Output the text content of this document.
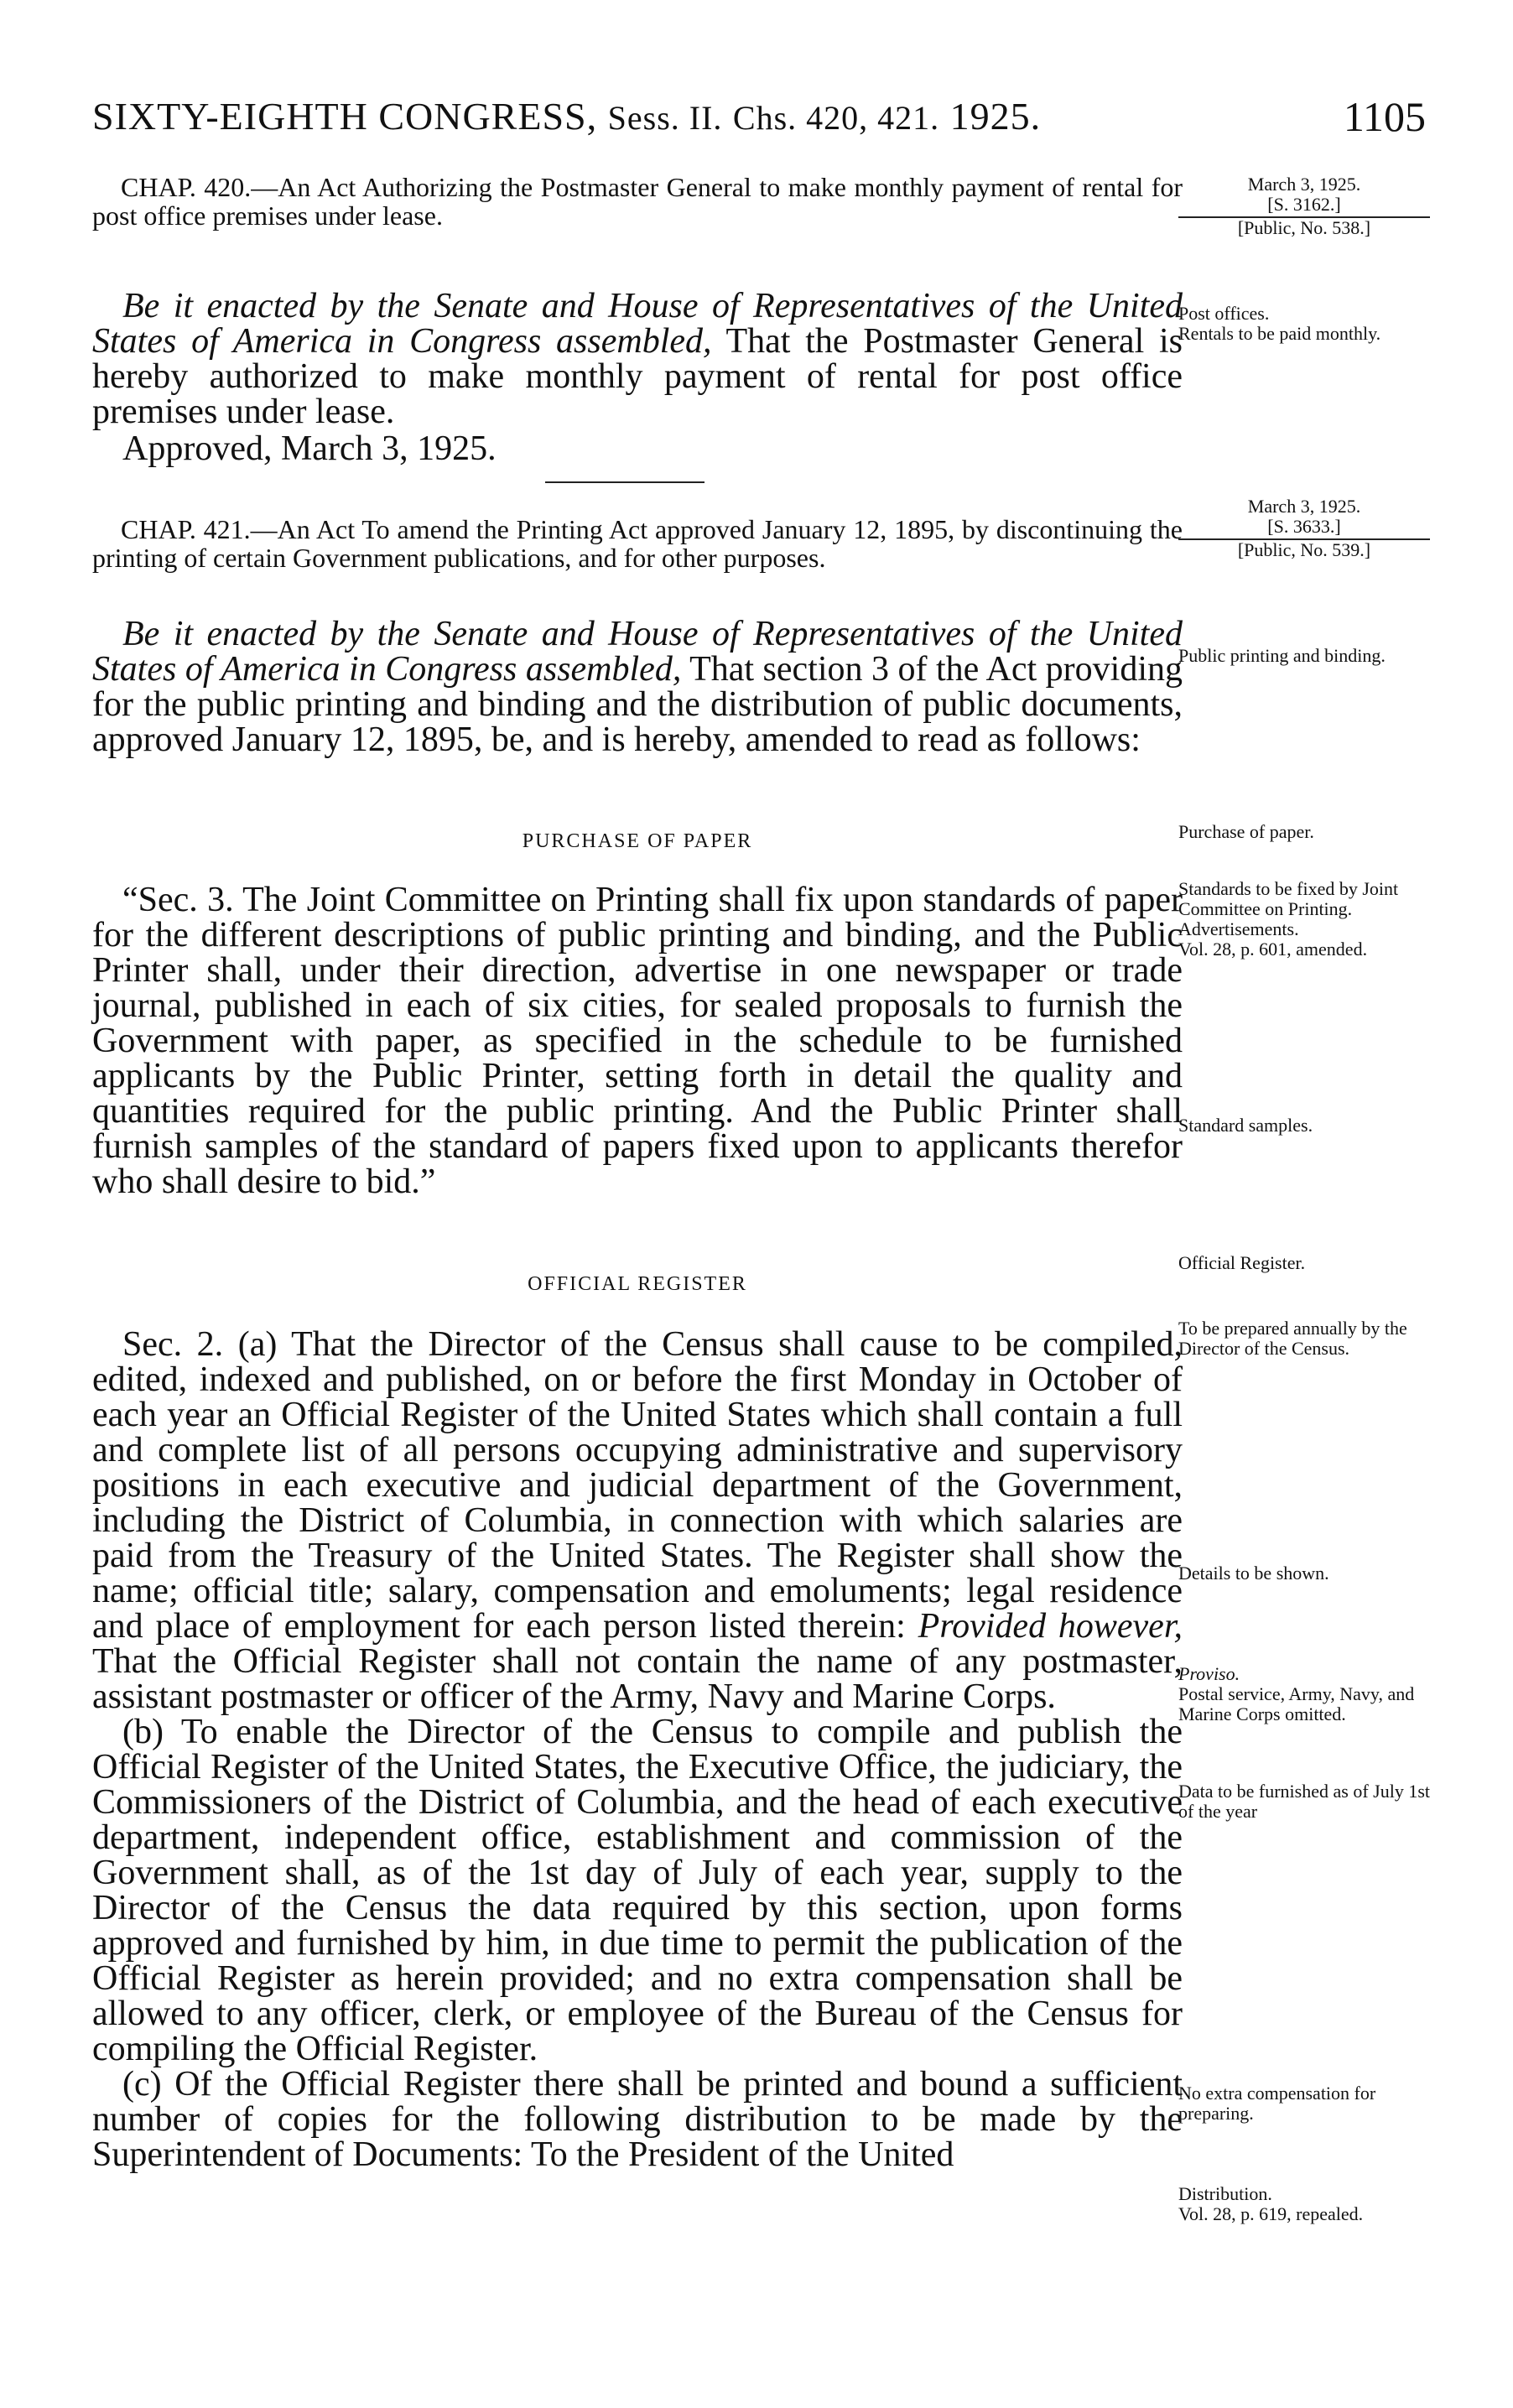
SIXTY-EIGHTH CONGRESS, Sess. II. Chs. 420, 421. 1925.	1105

CHAP. 420.—An Act Authorizing the Postmaster General to make monthly payment of rental for post office premises under lease.

March 3, 1925.
[S. 3162.]
[Public, No. 538.]

Be it enacted by the Senate and House of Representatives of the United States of America in Congress assembled, That the Postmaster General is hereby authorized to make monthly payment of rental for post office premises under lease.

Post offices.
Rentals to be paid monthly.

Approved, March 3, 1925.

March 3, 1925.
[S. 3633.]
[Public, No. 539.]

CHAP. 421.—An Act To amend the Printing Act approved January 12, 1895, by discontinuing the printing of certain Government publications, and for other purposes.

Be it enacted by the Senate and House of Representatives of the United States of America in Congress assembled, That section 3 of the Act providing for the public printing and binding and the distribution of public documents, approved January 12, 1895, be, and is hereby, amended to read as follows:

Public printing and binding.
PURCHASE OF PAPER	Purchase of paper.

“Sec. 3. The Joint Committee on Printing shall fix upon standards of paper for the different descriptions of public printing and binding, and the Public Printer shall, under their direction, advertise in one newspaper or trade journal, published in each of six cities, for sealed proposals to furnish the Government with paper, as specified in the schedule to be furnished applicants by the Public Printer, setting forth in detail the quality and quantities required for the public printing. And the Public Printer shall furnish samples of the standard of papers fixed upon to applicants therefor who shall desire to bid.”

Standards to be fixed by Joint Committee on Printing.
Advertisements.
Vol. 28, p. 601, amended.
Standard samples.
Official Register.
OFFICIAL REGISTER

Sec. 2. (a) That the Director of the Census shall cause to be compiled, edited, indexed and published, on or before the first Monday in October of each year an Official Register of the United States which shall contain a full and complete list of all persons occupying administrative and supervisory positions in each executive and judicial department of the Government, including the District of Columbia, in connection with which salaries are paid from the Treasury of the United States. The Register shall show the name; official title; salary, compensation and emoluments; legal residence and place of employment for each person listed therein: Provided however, That the Official Register shall not contain the name of any postmaster, assistant postmaster or officer of the Army, Navy and Marine Corps.

(b) To enable the Director of the Census to compile and publish the Official Register of the United States, the Executive Office, the judiciary, the Commissioners of the District of Columbia, and the head of each executive department, independent office, establishment and commission of the Government shall, as of the 1st day of July of each year, supply to the Director of the Census the data required by this section, upon forms approved and furnished by him, in due time to permit the publication of the Official Register as herein provided; and no extra compensation shall be allowed to any officer, clerk, or employee of the Bureau of the Census for compiling the Official Register.

(c) Of the Official Register there shall be printed and bound a sufficient number of copies for the following distribution to be made by the Superintendent of Documents: To the President of the United

To be prepared annually by the Director of the Census.
Details to be shown.
Proviso.
Postal service, Army, Navy, and Marine Corps omitted.
Data to be furnished as of July 1st of the year
No extra compensation for preparing.
Distribution.
Vol. 28, p. 619, repealed.
